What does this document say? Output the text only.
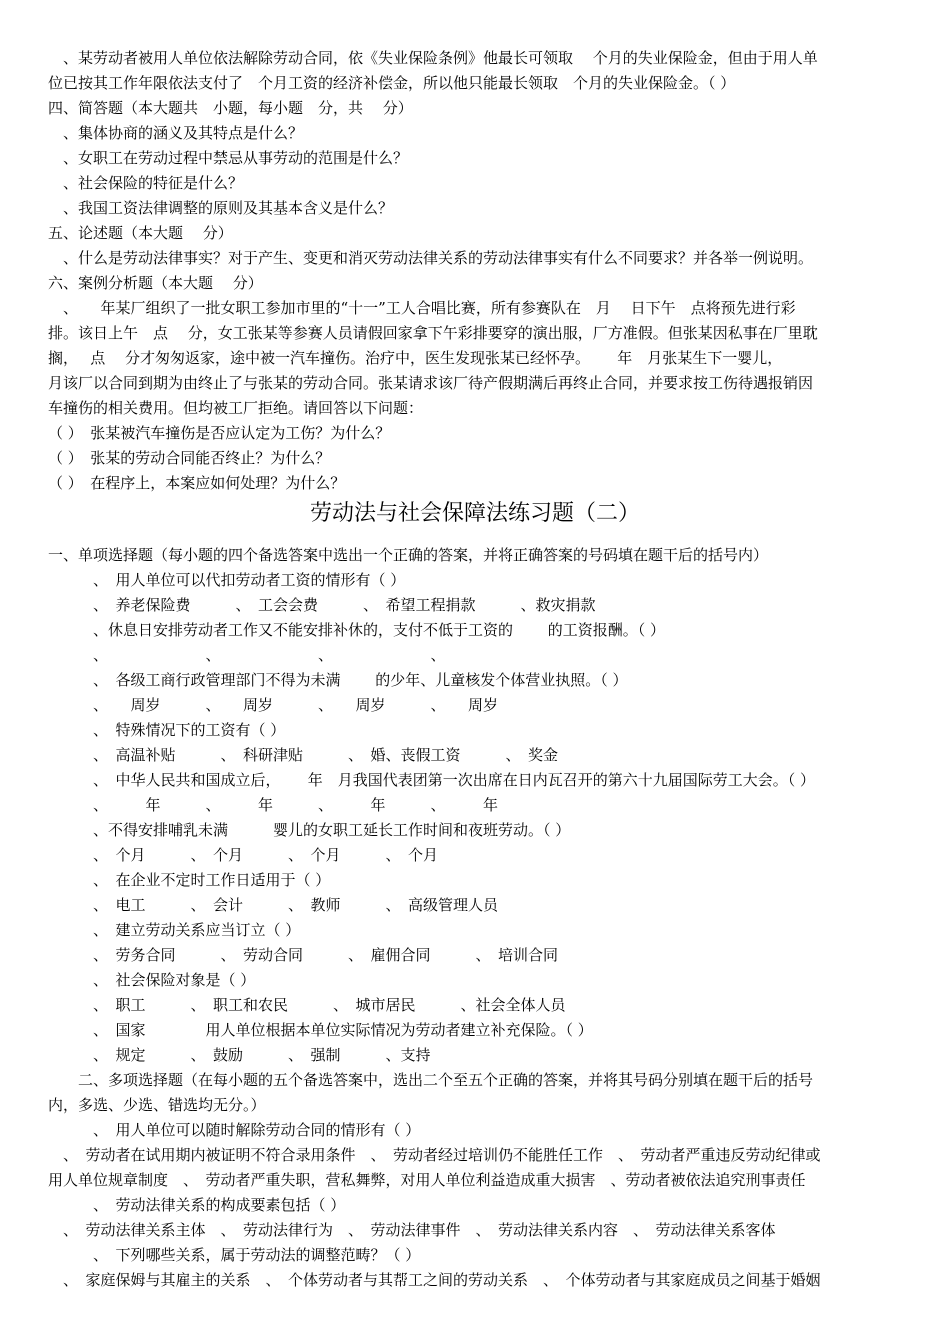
　、某劳动者被用人单位依法解除劳动合同，依《失业保险条例》他最长可领取　 个月的失业保险金，但由于用人单
位已按其工作年限依法支付了　个月工资的经济补偿金，所以他只能最长领取　个月的失业保险金。（ ）
四、简答题（本大题共　小题，每小题　分，共　 分）
　、集体协商的涵义及其特点是什么？
　、女职工在劳动过程中禁忌从事劳动的范围是什么？
　、社会保险的特征是什么？
　、我国工资法律调整的原则及其基本含义是什么？
五、论述题（本大题　 分）
　、什么是劳动法律事实？对于产生、变更和消灭劳动法律关系的劳动法律事实有什么不同要求？并各举一例说明。
六、案例分析题（本大题　 分）
　、　　年某厂组织了一批女职工参加市里的“十一”工人合唱比赛，所有参赛队在　月　 日下午　点将预先进行彩
排。该日上午　点　 分，女工张某等参赛人员请假回家拿下午彩排要穿的演出服，厂方准假。但张某因私事在厂里耽
搁，　 点　 分才匆匆返家，途中被一汽车撞伤。治疗中，医生发现张某已经怀孕。　　 年　月张某生下一婴儿，
月该厂以合同到期为由终止了与张某的劳动合同。张某请求该厂待产假期满后再终止合同，并要求按工伤待遇报销因
车撞伤的相关费用。但均被工厂拒绝。请回答以下问题：
（ ）　张某被汽车撞伤是否应认定为工伤？为什么？
（ ）　张某的劳动合同能否终止？为什么？
（ ）　在程序上，本案应如何处理？为什么？
劳动法与社会保障法练习题（二）
一、单项选择题（每小题的四个备选答案中选出一个正确的答案，并将正确答案的号码填在题干后的括号内）
　　　、　用人单位可以代扣劳动者工资的情形有（ ）
　　　、　养老保险费　　　、　工会会费　　　、　希望工程捐款　　　、救灾捐款
　　　、休息日安排劳动者工作又不能安排补休的，支付不低于工资的　　 的工资报酬。（ ）
　　　、　　　　　　　、　　　　　　　、　　　　　　　、
　　　、　各级工商行政管理部门不得为未满　　 的少年、儿童核发个体营业执照。（ ）
　　　、　　周岁　　　、　　周岁　　　、　　周岁　　　、　　周岁
　　　、　特殊情况下的工资有（ ）
　　　、　高温补贴　　　、　科研津贴　　　、　婚、丧假工资　　　、　奖金
　　　、　中华人民共和国成立后，　　 年　月我国代表团第一次出席在日内瓦召开的第六十九届国际劳工大会。（ ）
　　　、　　　年　　　、　　　年　　　、　　　年　　　、　　　年
　　　、不得安排哺乳未满　　　婴儿的女职工延长工作时间和夜班劳动。（ ）
　　　、　个月　　　、　个月　　　、　个月　　　、　个月
　　　、　在企业不定时工作日适用于（ ）
　　　、　电工　　　、　会计　　　、　教师　　　、　高级管理人员
　　　、　建立劳动关系应当订立（ ）
　　　、　劳务合同　　　、　劳动合同　　　、　雇佣合同　　　、　培训合同
　　　、　社会保险对象是（ ）
　　　、　职工　　　、　职工和农民　　　、　城市居民　　　、社会全体人员
　　　、　国家　　　　用人单位根据本单位实际情况为劳动者建立补充保险。（ ）
　　　、　规定　　　、　鼓励　　　、　强制　　　、支持
　　二、多项选择题（在每小题的五个备选答案中，选出二个至五个正确的答案，并将其号码分别填在题干后的括号
内，多选、少选、错选均无分。）
　　　、　用人单位可以随时解除劳动合同的情形有（ ）
　、　劳动者在试用期内被证明不符合录用条件　、　劳动者经过培训仍不能胜任工作　、　劳动者严重违反劳动纪律或
用人单位规章制度　、　劳动者严重失职，营私舞弊，对用人单位利益造成重大损害　、劳动者被依法追究刑事责任
　　　、　劳动法律关系的构成要素包括（ ）
　、　劳动法律关系主体　、　劳动法律行为　、　劳动法律事件　、　劳动法律关系内容　、　劳动法律关系客体
　　　、　下列哪些关系，属于劳动法的调整范畴？（ ）
　、　家庭保姆与其雇主的关系　、　个体劳动者与其帮工之间的劳动关系　、　个体劳动者与其家庭成员之间基于婚姻
